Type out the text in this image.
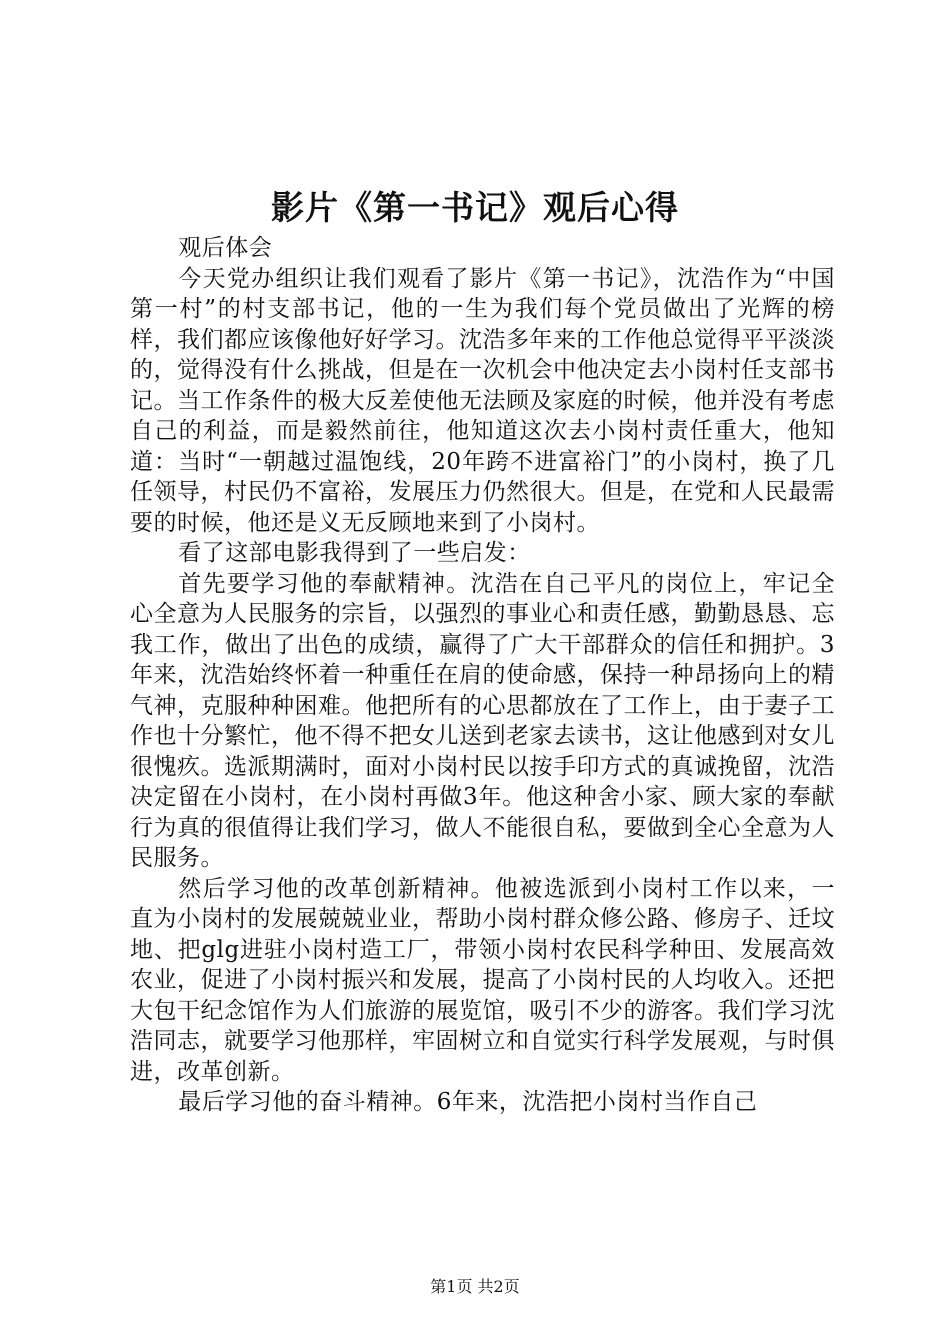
影片《第一书记》观后心得

观后体会

今天党办组织让我们观看了影片《第一书记》，沈浩作为“中国第一村”的村支部书记，他的一生为我们每个党员做出了光辉的榜样，我们都应该像他好好学习。沈浩多年来的工作他总觉得平平淡淡的，觉得没有什么挑战，但是在一次机会中他决定去小岗村任支部书记。当工作条件的极大反差使他无法顾及家庭的时候，他并没有考虑自己的利益，而是毅然前往，他知道这次去小岗村责任重大，他知道：当时“一朝越过温饱线，20年跨不进富裕门”的小岗村，换了几任领导，村民仍不富裕，发展压力仍然很大。但是，在党和人民最需要的时候，他还是义无反顾地来到了小岗村。

看了这部电影我得到了一些启发：

首先要学习他的奉献精神。沈浩在自己平凡的岗位上，牢记全心全意为人民服务的宗旨，以强烈的事业心和责任感，勤勤恳恳、忘我工作，做出了出色的成绩，赢得了广大干部群众的信任和拥护。3年来，沈浩始终怀着一种重任在肩的使命感，保持一种昂扬向上的精气神，克服种种困难。他把所有的心思都放在了工作上，由于妻子工作也十分繁忙，他不得不把女儿送到老家去读书，这让他感到对女儿很愧疚。选派期满时，面对小岗村民以按手印方式的真诚挽留，沈浩决定留在小岗村，在小岗村再做3年。他这种舍小家、顾大家的奉献行为真的很值得让我们学习，做人不能很自私，要做到全心全意为人民服务。

然后学习他的改革创新精神。他被选派到小岗村工作以来，一直为小岗村的发展兢兢业业，帮助小岗村群众修公路、修房子、迁坟地、把glg进驻小岗村造工厂，带领小岗村农民科学种田、发展高效农业，促进了小岗村振兴和发展，提高了小岗村民的人均收入。还把大包干纪念馆作为人们旅游的展览馆，吸引不少的游客。我们学习沈浩同志，就要学习他那样，牢固树立和自觉实行科学发展观，与时俱进，改革创新。

最后学习他的奋斗精神。6年来，沈浩把小岗村当作自己

第1页 共2页
